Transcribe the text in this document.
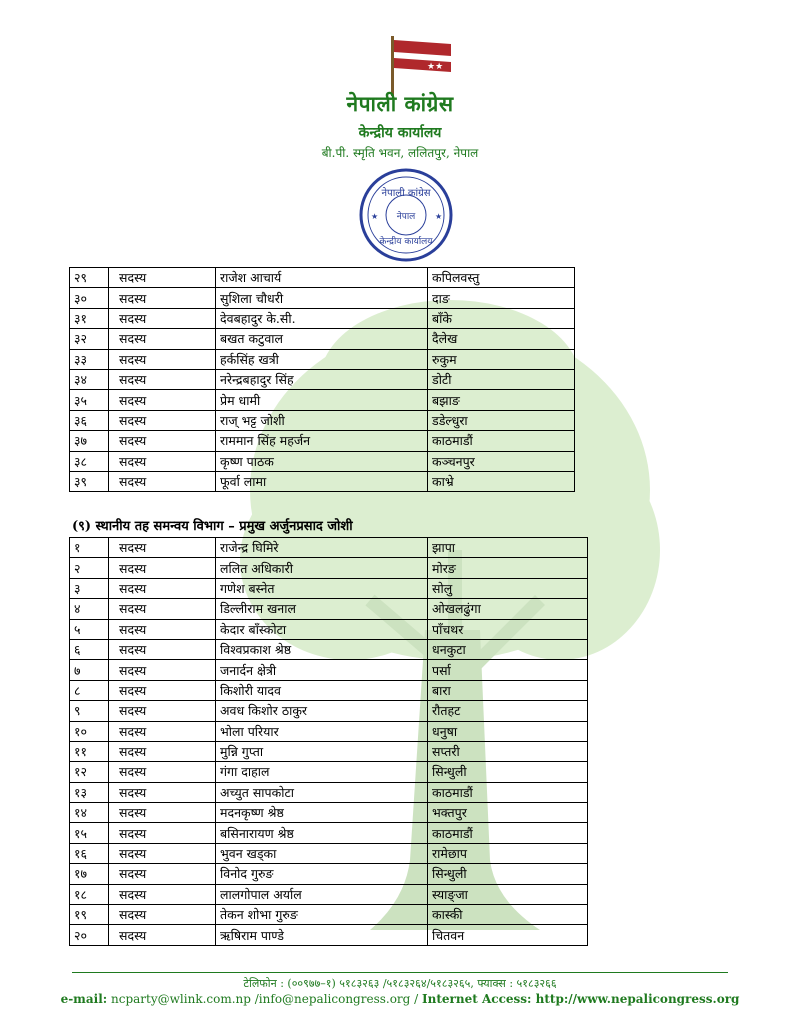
★★
★
नेपाली कांग्रेस
केन्द्रीय कार्यालय
बी.पी. स्मृति भवन, ललितपुर, नेपाल
नेपाली कांग्रेस
नेपाल
केन्द्रीय कार्यालय
★	★
२९	सदस्य	राजेश आचार्य	कपिलवस्तु
३०	सदस्य	सुशिला चौधरी	दाङ
३१	सदस्य	देवबहादुर के.सी.	बाँके
३२	सदस्य	बखत कटुवाल	दैलेख
३३	सदस्य	हर्कसिंह खत्री	रुकुम
३४	सदस्य	नरेन्द्रबहादुर सिंह	डोटी
३५	सदस्य	प्रेम धामी	बझाङ
३६	सदस्य	राज् भट्ट जोशी	डडेल्धुरा
३७	सदस्य	राममान सिंह महर्जन	काठमाडौं
३८	सदस्य	कृष्ण पाठक	कञ्चनपुर
३९	सदस्य	फूर्वा लामा	काभ्रे
(९) स्थानीय तह समन्वय विभाग – प्रमुख अर्जुनप्रसाद जोशी
१	सदस्य	राजेन्द्र घिमिरे	झापा
२	सदस्य	ललित अधिकारी	मोरङ
३	सदस्य	गणेश बस्नेत	सोलु
४	सदस्य	डिल्लीराम खनाल	ओखलढुंगा
५	सदस्य	केदार बाँस्कोटा	पाँचथर
६	सदस्य	विश्वप्रकाश श्रेष्ठ	धनकुटा
७	सदस्य	जनार्दन क्षेत्री	पर्सा
८	सदस्य	किशोरी यादव	बारा
९	सदस्य	अवध किशोर ठाकुर	रौतहट
१०	सदस्य	भोला परियार	धनुषा
११	सदस्य	मुन्नि गुप्ता	सप्तरी
१२	सदस्य	गंगा दाहाल	सिन्धुली
१३	सदस्य	अच्युत सापकोटा	काठमाडौं
१४	सदस्य	मदनकृष्ण श्रेष्ठ	भक्तपुर
१५	सदस्य	बसिनारायण श्रेष्ठ	काठमाडौं
१६	सदस्य	भुवन खड्का	रामेछाप
१७	सदस्य	विनोद गुरुङ	सिन्धुली
१८	सदस्य	लालगोपाल अर्याल	स्याङ्जा
१९	सदस्य	तेकन शोभा गुरुङ	कास्की
२०	सदस्य	ऋषिराम पाण्डे	चितवन
टेलिफोन : (००९७७–१) ५१८३२६३ /५१८३२६४/५१८३२६५, फ्याक्स : ५१८३२६६
e-mail: ncparty@wlink.com.np /info@nepalicongress.org / Internet Access: http://www.nepalicongress.org
